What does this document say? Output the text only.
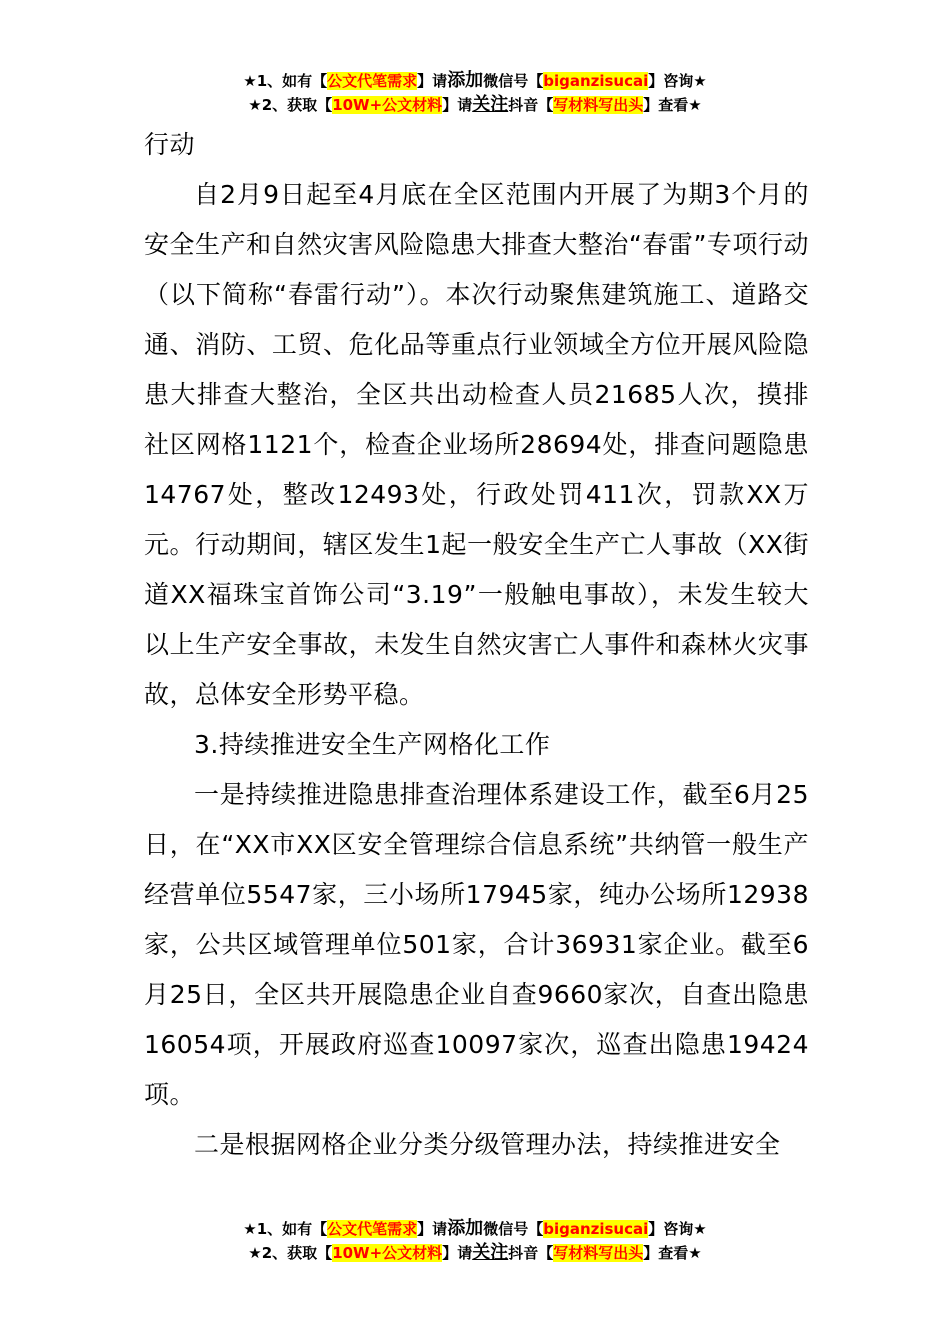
★1、如有【公文代笔需求】请添加微信号【biganzisucai】咨询★
★2、获取【10W+公文材料】请关注抖音【写材料写出头】查看★

行动

自2月9日起至4月底在全区范围内开展了为期3个月的安全生产和自然灾害风险隐患大排查大整治“春雷”专项行动（以下简称“春雷行动”）。本次行动聚焦建筑施工、道路交通、消防、工贸、危化品等重点行业领域全方位开展风险隐患大排查大整治，全区共出动检查人员21685人次，摸排社区网格1121个，检查企业场所28694处，排查问题隐患14767处，整改12493处，行政处罚411次，罚款XX万元。行动期间，辖区发生1起一般安全生产亡人事故（XX街道XX福珠宝首饰公司“3.19”一般触电事故），未发生较大以上生产安全事故，未发生自然灾害亡人事件和森林火灾事故，总体安全形势平稳。

3.持续推进安全生产网格化工作

一是持续推进隐患排查治理体系建设工作，截至6月25日，在“XX市XX区安全管理综合信息系统”共纳管一般生产经营单位5547家，三小场所17945家，纯办公场所12938家，公共区域管理单位501家，合计36931家企业。截至6月25日，全区共开展隐患企业自查9660家次，自查出隐患16054项，开展政府巡查10097家次，巡查出隐患19424项。

二是根据网格企业分类分级管理办法，持续推进安全

★1、如有【公文代笔需求】请添加微信号【biganzisucai】咨询★
★2、获取【10W+公文材料】请关注抖音【写材料写出头】查看★
